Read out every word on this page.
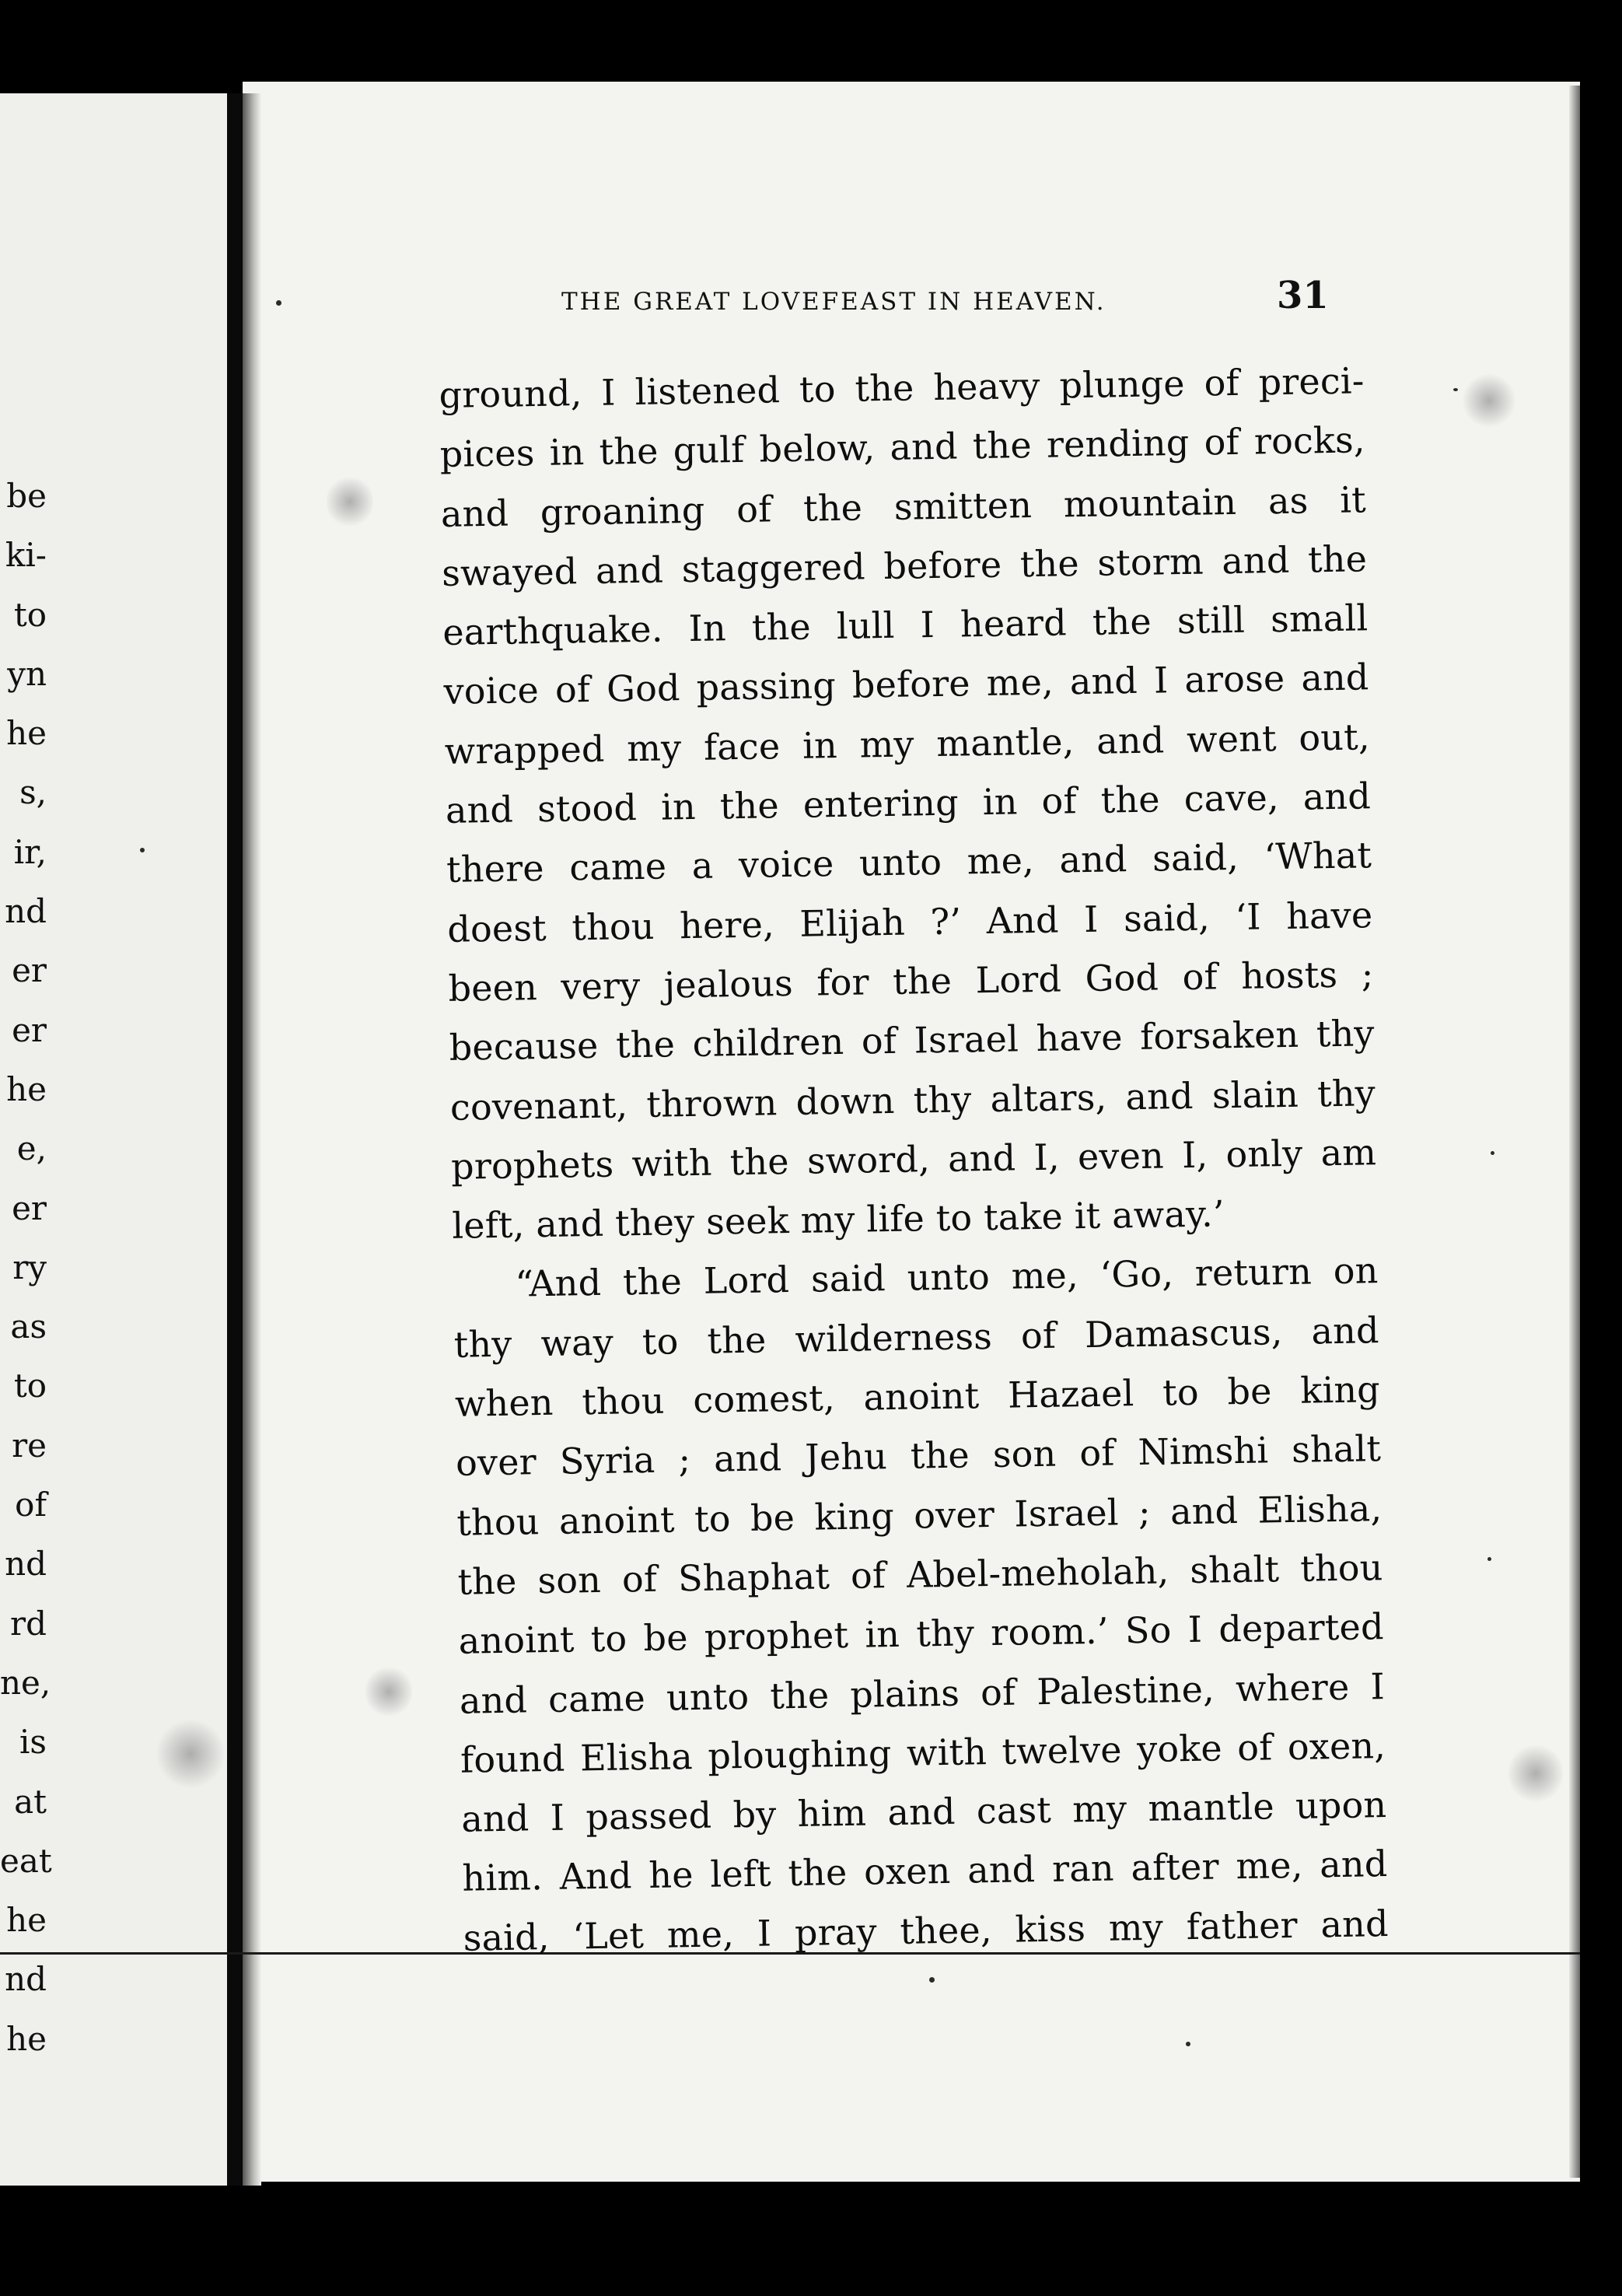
be
ki-
to
yn
he
s,
ir,
nd
er
er
he
e,
er
ry
as
to
re
of
nd
rd
ne,
is
at
eat
he
nd
he
THE GREAT LOVEFEAST IN HEAVEN.	31
ground, I listened to the heavy plunge of preci-
pices in the gulf below, and the rending of rocks,
and groaning of the smitten mountain as it
swayed and staggered before the storm and the
earthquake. In the lull I heard the still small
voice of God passing before me, and I arose and
wrapped my face in my mantle, and went out,
and stood in the entering in of the cave, and
there came a voice unto me, and said, ‘What
doest thou here, Elijah ?’ And I said, ‘I have
been very jealous for the Lord God of hosts ;
because the children of Israel have forsaken thy
covenant, thrown down thy altars, and slain thy
prophets with the sword, and I, even I, only am
left, and they seek my life to take it away.’
“And the Lord said unto me, ‘Go, return on
thy way to the wilderness of Damascus, and
when thou comest, anoint Hazael to be king
over Syria ; and Jehu the son of Nimshi shalt
thou anoint to be king over Israel ; and Elisha,
the son of Shaphat of Abel-meholah, shalt thou
anoint to be prophet in thy room.’ So I departed
and came unto the plains of Palestine, where I
found Elisha ploughing with twelve yoke of oxen,
and I passed by him and cast my mantle upon
him. And he left the oxen and ran after me, and
said, ‘Let me, I pray thee, kiss my father and
